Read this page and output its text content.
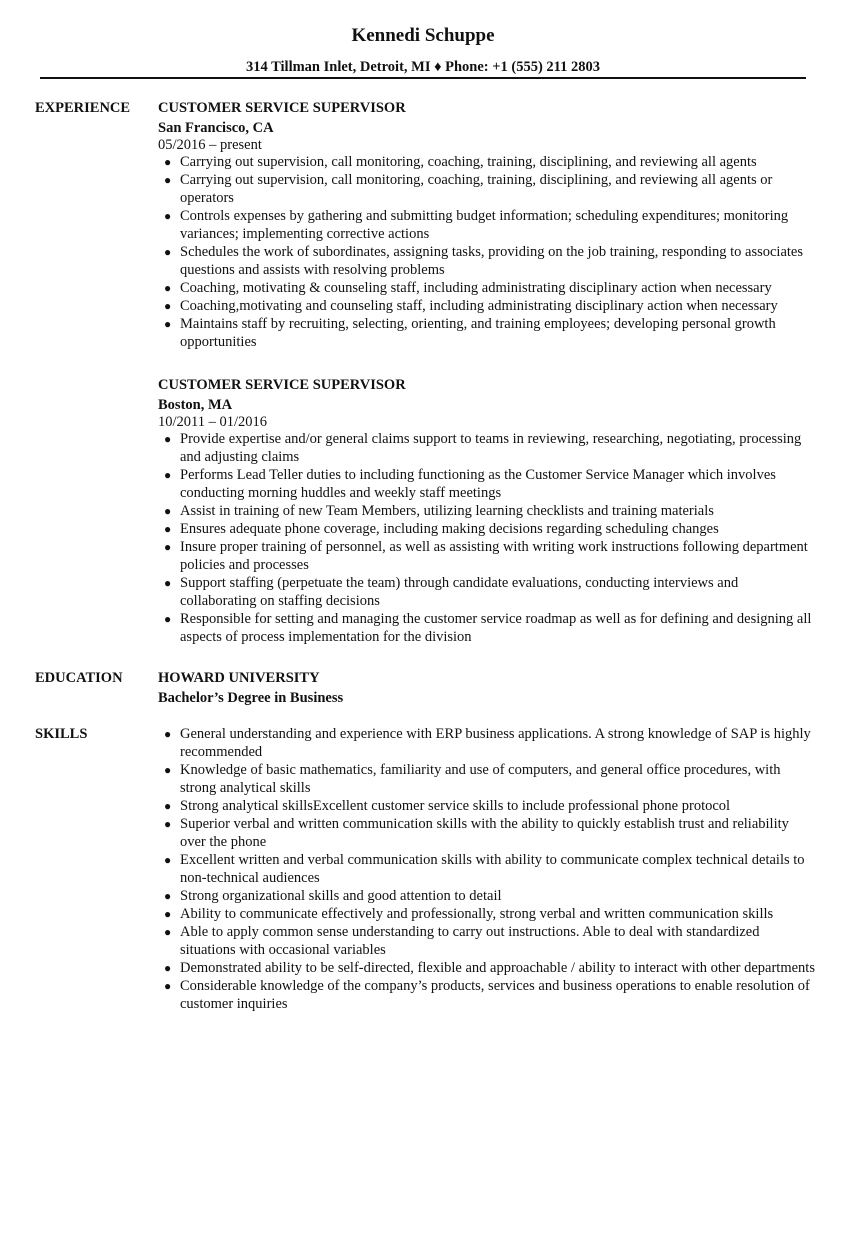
Kennedi Schuppe
314 Tillman Inlet, Detroit, MI ♦ Phone: +1 (555) 211 2803
EXPERIENCE CUSTOMER SERVICE SUPERVISOR
San Francisco, CA
05/2016 – present
● Carrying out supervision, call monitoring, coaching, training, disciplining, and reviewing all agents
● Carrying out supervision, call monitoring, coaching, training, disciplining, and reviewing all agents or operators
● Controls expenses by gathering and submitting budget information; scheduling expenditures; monitoring variances; implementing corrective actions
● Schedules the work of subordinates, assigning tasks, providing on the job training, responding to associates questions and assists with resolving problems
● Coaching, motivating & counseling staff, including administrating disciplinary action when necessary
● Coaching,motivating and counseling staff, including administrating disciplinary action when necessary
● Maintains staff by recruiting, selecting, orienting, and training employees; developing personal growth opportunities
CUSTOMER SERVICE SUPERVISOR
Boston, MA
10/2011 – 01/2016
● Provide expertise and/or general claims support to teams in reviewing, researching, negotiating, processing and adjusting claims
● Performs Lead Teller duties to including functioning as the Customer Service Manager which involves conducting morning huddles and weekly staff meetings
● Assist in training of new Team Members, utilizing learning checklists and training materials
● Ensures adequate phone coverage, including making decisions regarding scheduling changes
● Insure proper training of personnel, as well as assisting with writing work instructions following department policies and processes
● Support staffing (perpetuate the team) through candidate evaluations, conducting interviews and collaborating on staffing decisions
● Responsible for setting and managing the customer service roadmap as well as for defining and designing all aspects of process implementation for the division
EDUCATION HOWARD UNIVERSITY
Bachelor’s Degree in Business
SKILLS	● General understanding and experience with ERP business applications. A strong knowledge of SAP is highly recommended
● Knowledge of basic mathematics, familiarity and use of computers, and general office procedures, with strong analytical skills
● Strong analytical skillsExcellent customer service skills to include professional phone protocol
● Superior verbal and written communication skills with the ability to quickly establish trust and reliability over the phone
● Excellent written and verbal communication skills with ability to communicate complex technical details to non-technical audiences
● Strong organizational skills and good attention to detail
● Ability to communicate effectively and professionally, strong verbal and written communication skills
● Able to apply common sense understanding to carry out instructions. Able to deal with standardized situations with occasional variables
● Demonstrated ability to be self-directed, flexible and approachable / ability to interact with other departments
● Considerable knowledge of the company’s products, services and business operations to enable resolution of customer inquiries
